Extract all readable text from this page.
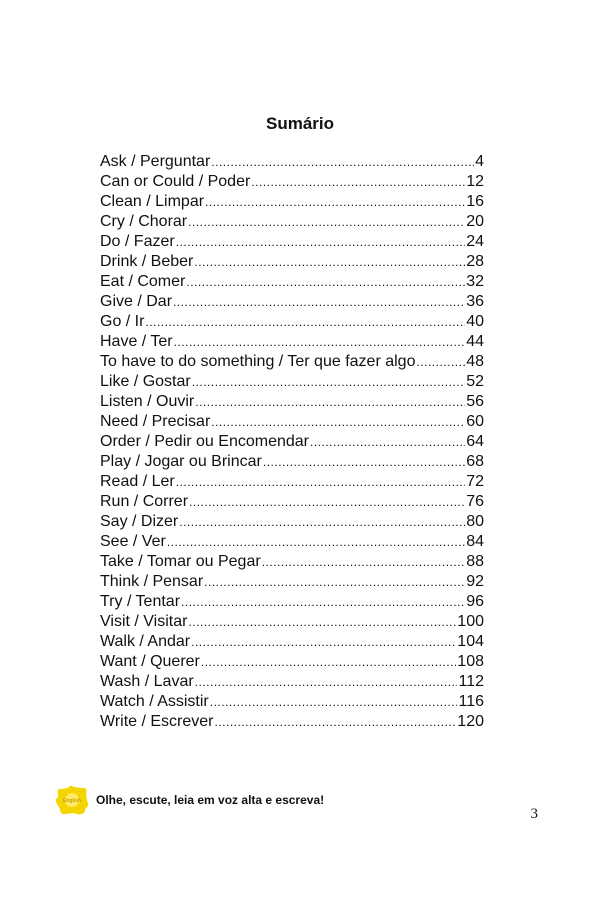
Sumário
Ask / Perguntar .....	4
Can or Could / Poder .....	12
Clean / Limpar .....	16
Cry / Chorar .....	20
Do / Fazer .....	24
Drink / Beber .....	28
Eat / Comer .....	32
Give / Dar .....	36
Go / Ir .....	40
Have / Ter .....	44
To have to do something / Ter que fazer algo .....	48
Like / Gostar .....	52
Listen / Ouvir .....	56
Need / Precisar .....	60
Order / Pedir ou Encomendar .....	64
Play / Jogar ou Brincar .....	68
Read / Ler .....	72
Run / Correr .....	76
Say / Dizer .....	80
See / Ver .....	84
Take / Tomar ou Pegar .....	88
Think / Pensar .....	92
Try / Tentar .....	96
Visit / Visitar .....	100
Walk / Andar .....	104
Want / Querer .....	108
Wash / Lavar .....	112
Watch / Assistir .....	116
Write / Escrever .....	120
English Olhe, escute, leia em voz alta e escreva!
3
